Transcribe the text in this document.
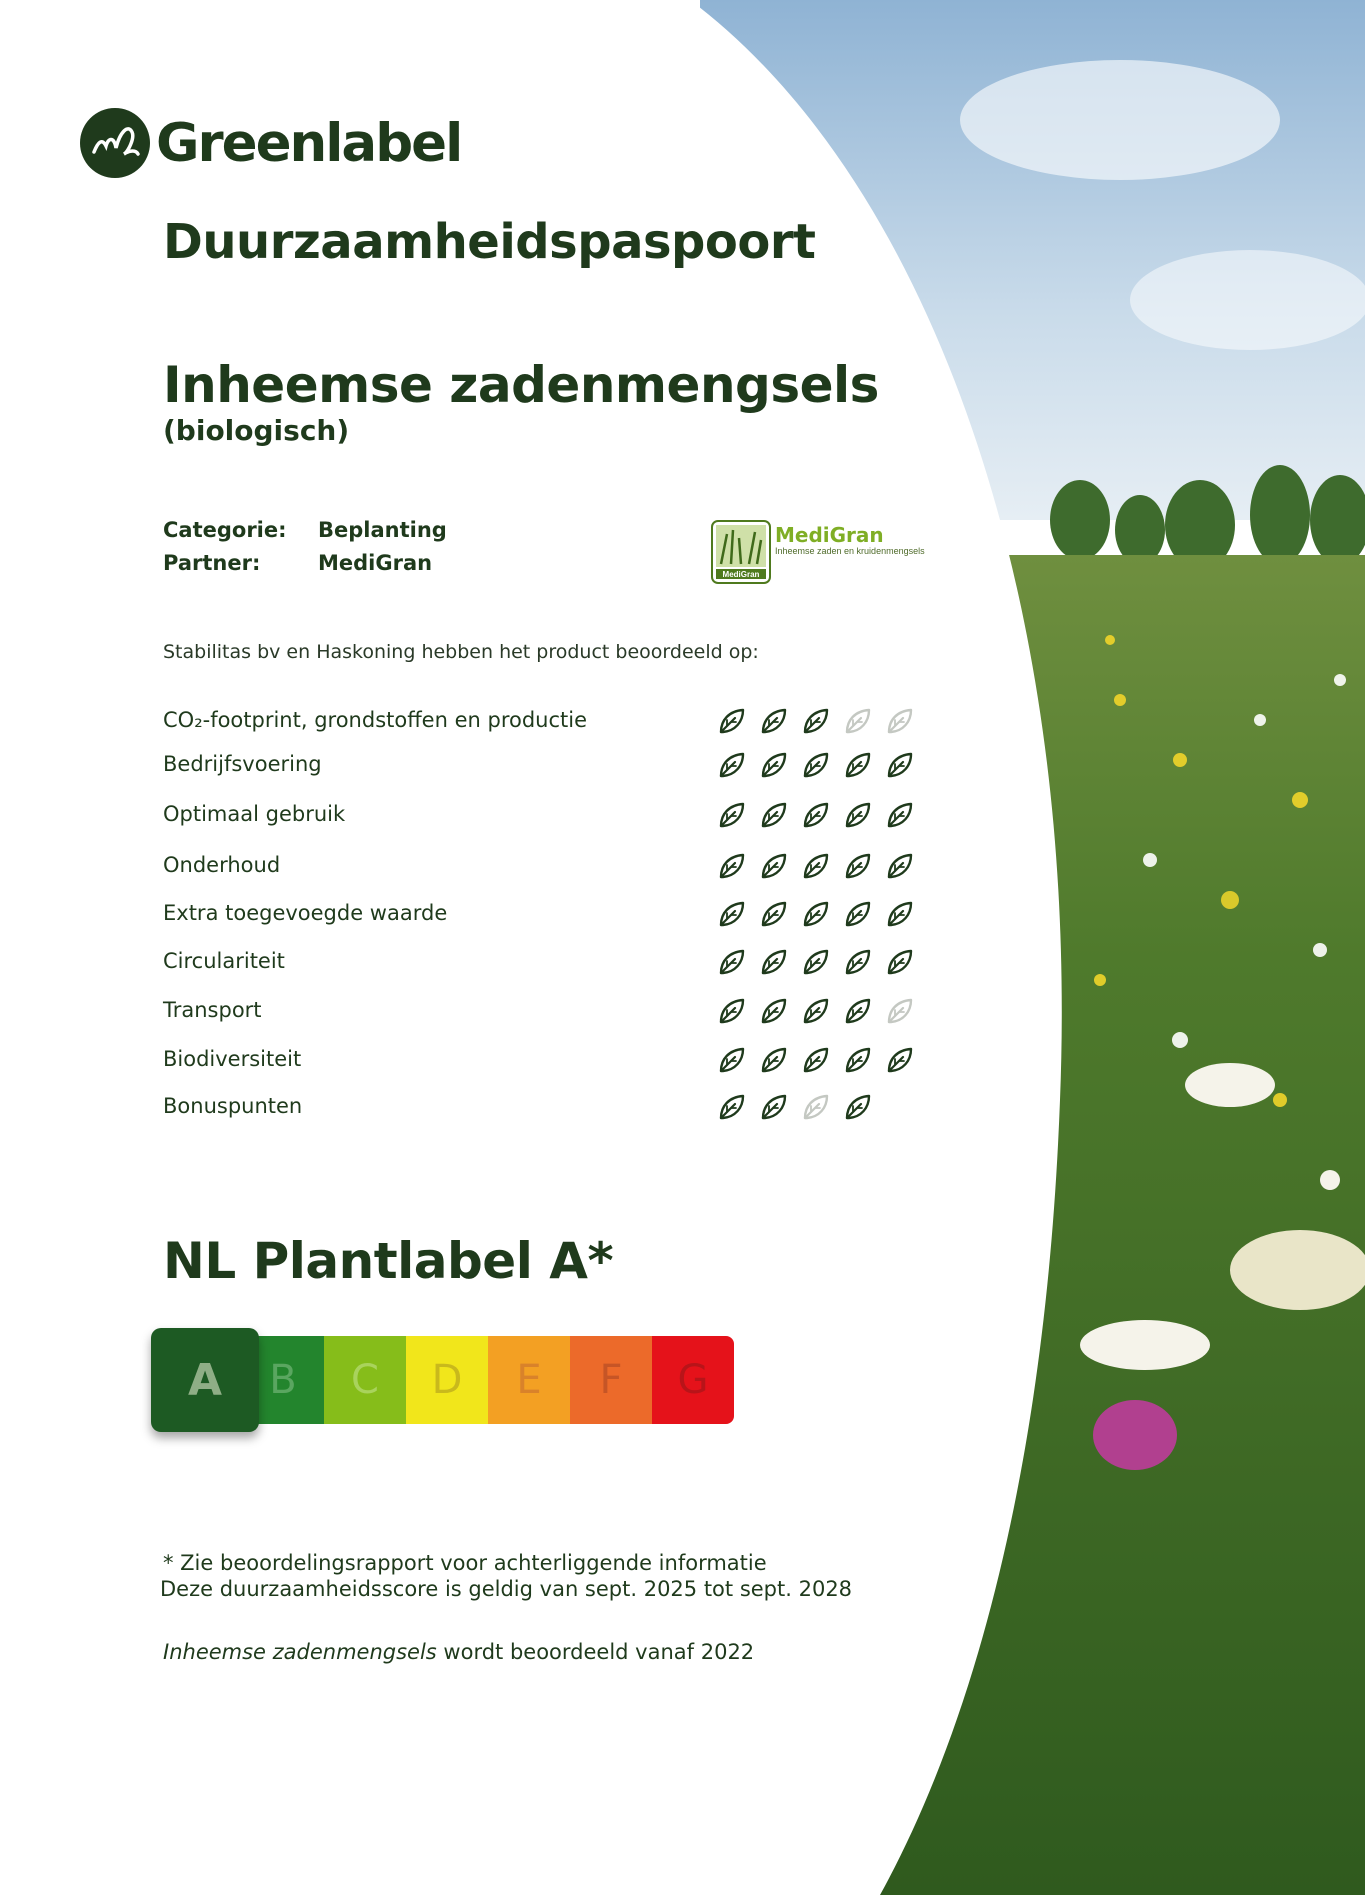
Greenlabel
Duurzaamheidspaspoort
Inheemse zadenmengsels
(biologisch)
Categorie: Beplanting
Partner:	MediGran	MediGran
MediGran
Inheemse zaden en kruidenmengsels
Stabilitas bv en Haskoning hebben het product beoordeeld op:
CO₂-footprint, grondstoffen en productie
Bedrijfsvoering
Optimaal gebruik
Onderhoud
Extra toegevoegde waarde
Circulariteit
Transport
Biodiversiteit
Bonuspunten
NL Plantlabel A*
B	C	D	E	F	G
A
* Zie beoordelingsrapport voor achterliggende informatie
Deze duurzaamheidsscore is geldig van sept. 2025 tot sept. 2028
Inheemse zadenmengsels wordt beoordeeld vanaf 2022
